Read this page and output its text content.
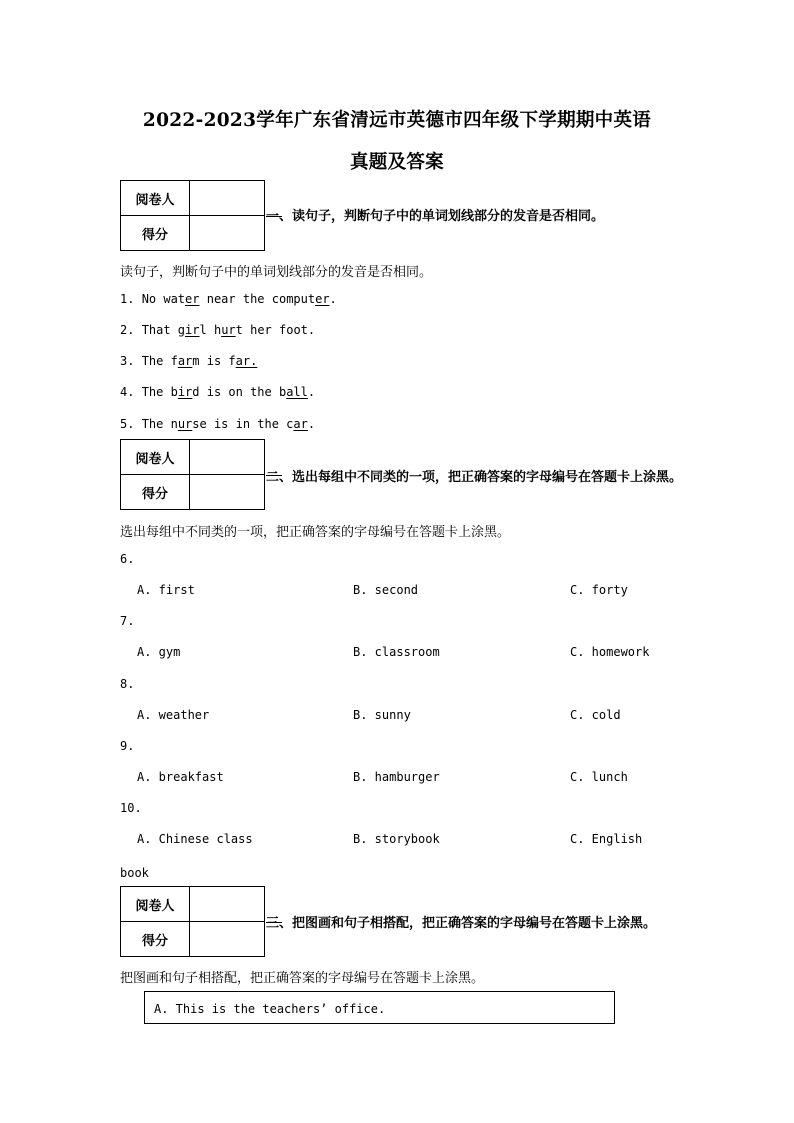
2022-2023学年广东省清远市英德市四年级下学期期中英语
真题及答案
阅卷人	
得分	
一、读句子，判断句子中的单词划线部分的发音是否相同。
读句子，判断句子中的单词划线部分的发音是否相同。
1. No water near the computer.
2. That girl hurt her foot.
3. The farm is far.
4. The bird is on the ball.
5. The nurse is in the car.
阅卷人	
得分	
二、选出每组中不同类的一项，把正确答案的字母编号在答题卡上涂黑。
选出每组中不同类的一项，把正确答案的字母编号在答题卡上涂黑。
6.
A. first	B. second	C. forty
7.
A. gym	B. classroom	C. homework
8.
A. weather	B. sunny	C. cold
9.
A. breakfast	B. hamburger	C. lunch
10.
A. Chinese class	B. storybook	C. English
book
阅卷人	
得分	
三、把图画和句子相搭配，把正确答案的字母编号在答题卡上涂黑。
把图画和句子相搭配，把正确答案的字母编号在答题卡上涂黑。
A. This is the teachers’ office.
